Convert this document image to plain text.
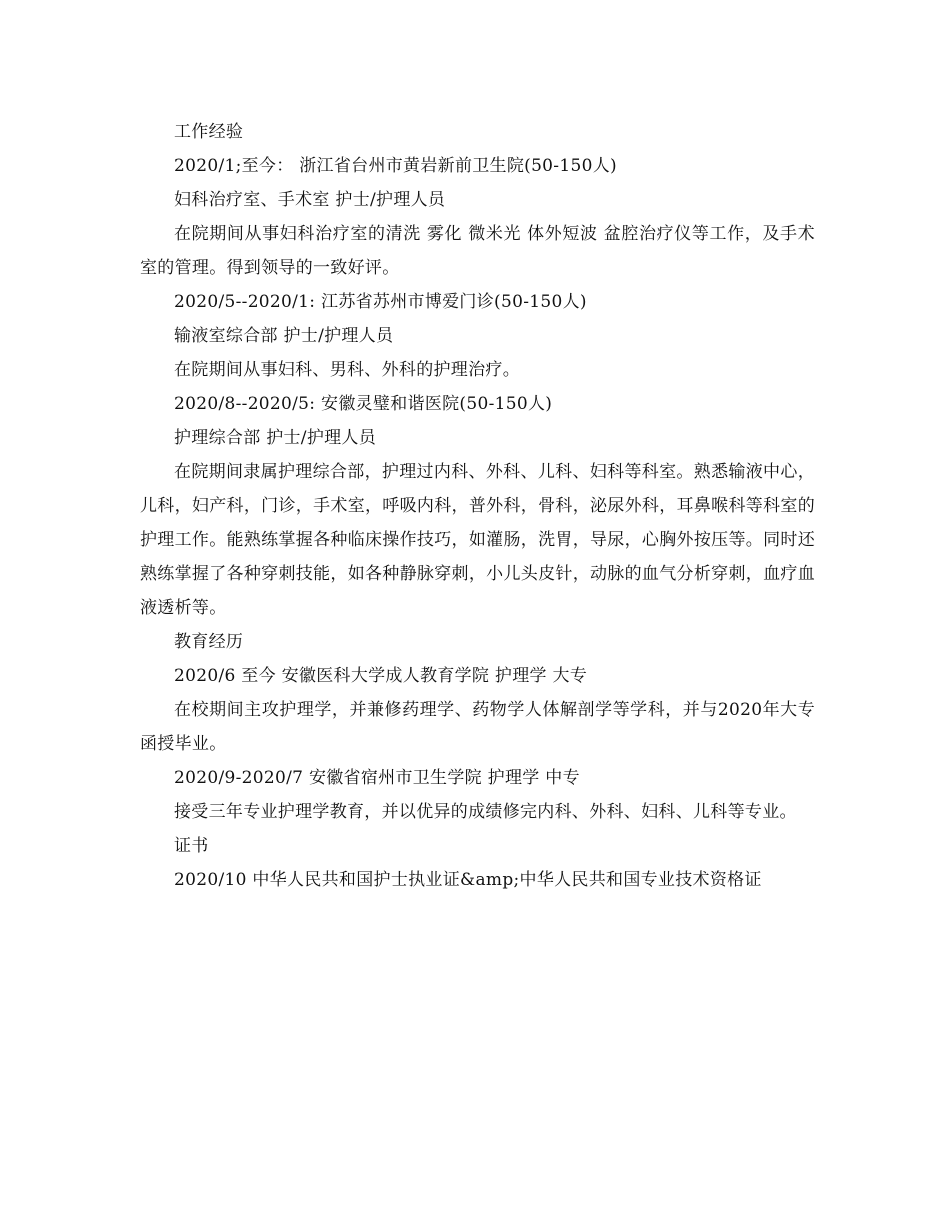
工作经验

2020/1;至今： 浙江省台州市黄岩新前卫生院(50-150人)

妇科治疗室、手术室 护士/护理人员

在院期间从事妇科治疗室的清洗 雾化 微米光 体外短波 盆腔治疗仪等工作，及手术室的管理。得到领导的一致好评。

2020/5--2020/1: 江苏省苏州市博爱门诊(50-150人)

输液室综合部 护士/护理人员

在院期间从事妇科、男科、外科的护理治疗。

2020/8--2020/5: 安徽灵璧和谐医院(50-150人)

护理综合部 护士/护理人员

在院期间隶属护理综合部，护理过内科、外科、儿科、妇科等科室。熟悉输液中心，儿科，妇产科，门诊，手术室，呼吸内科，普外科，骨科，泌尿外科，耳鼻喉科等科室的护理工作。能熟练掌握各种临床操作技巧，如灌肠，洗胃，导尿，心胸外按压等。同时还熟练掌握了各种穿刺技能，如各种静脉穿刺，小儿头皮针，动脉的血气分析穿刺，血疗血液透析等。

教育经历

2020/6 至今 安徽医科大学成人教育学院 护理学 大专

在校期间主攻护理学，并兼修药理学、药物学人体解剖学等学科，并与2020年大专函授毕业。

2020/9-2020/7 安徽省宿州市卫生学院 护理学 中专

接受三年专业护理学教育，并以优异的成绩修完内科、外科、妇科、儿科等专业。

证书

2020/10 中华人民共和国护士执业证&amp;中华人民共和国专业技术资格证
